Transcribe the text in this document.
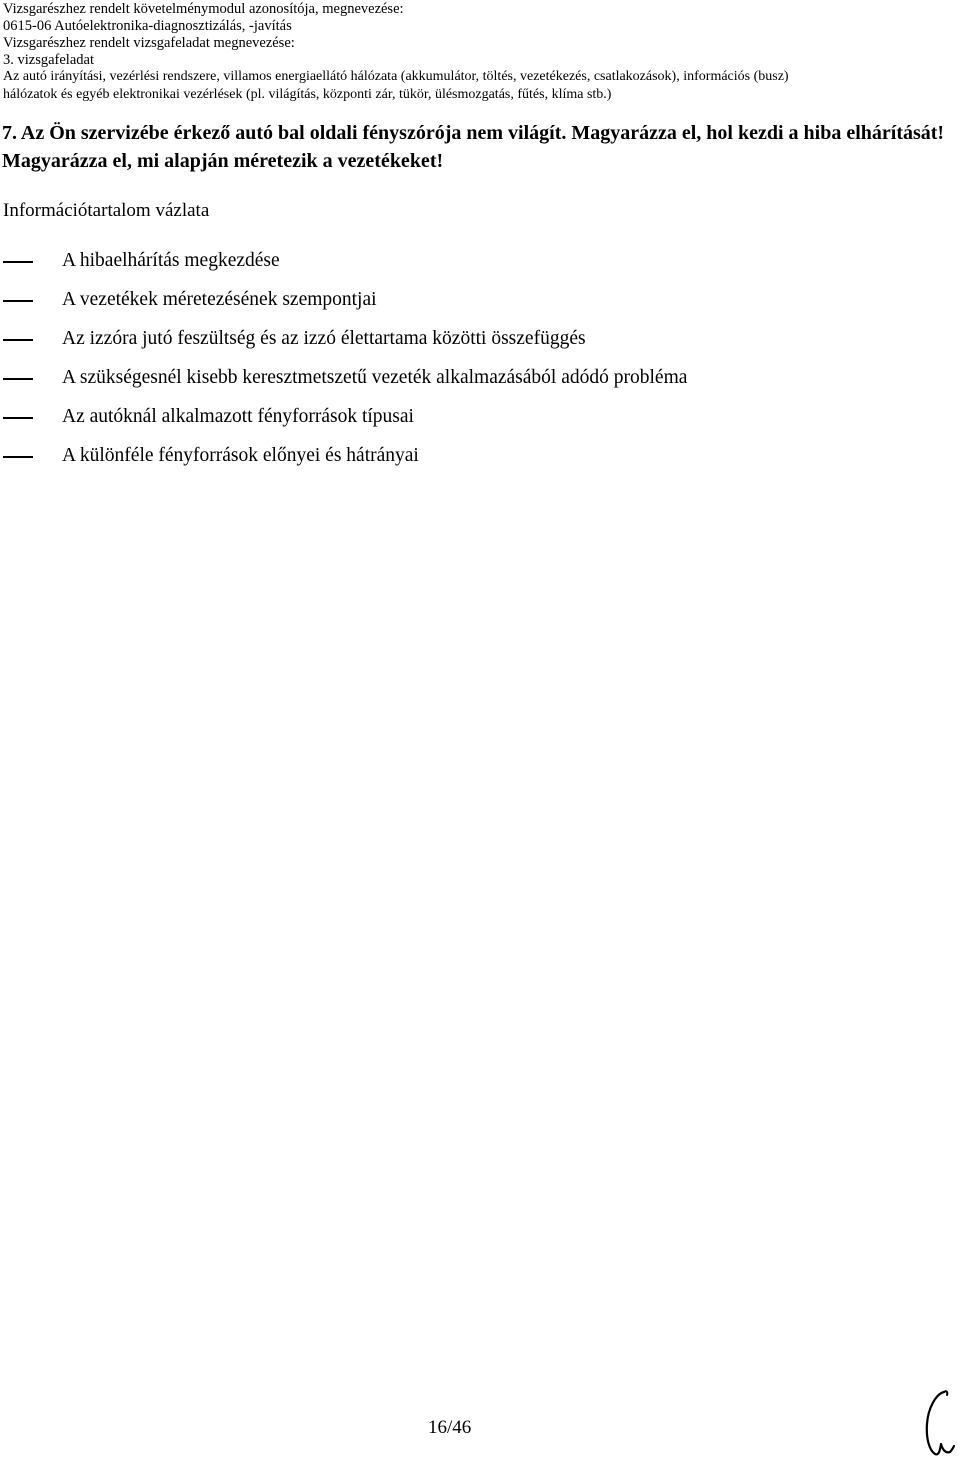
Vizsgarészhez rendelt követelménymodul azonosítója, megnevezése:
0615-06 Autóelektronika-diagnosztizálás, -javítás
Vizsgarészhez rendelt vizsgafeladat megnevezése:
3. vizsgafeladat
Az autó irányítási, vezérlési rendszere, villamos energiaellátó hálózata (akkumulátor, töltés, vezetékezés, csatlakozások), információs (busz)
hálózatok és egyéb elektronikai vezérlések (pl. világítás, központi zár, tükör, ülésmozgatás, fűtés, klíma stb.)
7. Az Ön szervizébe érkező autó bal oldali fényszórója nem világít. Magyarázza el, hol kezdi a hiba elhárítását! Magyarázza el, mi alapján méretezik a vezetékeket!
Információtartalom vázlata
A hibaelhárítás megkezdése
A vezetékek méretezésének szempontjai
Az izzóra jutó feszültség és az izzó élettartama közötti összefüggés
A szükségesnél kisebb keresztmetszetű vezeték alkalmazásából adódó probléma
Az autóknál alkalmazott fényforrások típusai
A különféle fényforrások előnyei és hátrányai
16/46
